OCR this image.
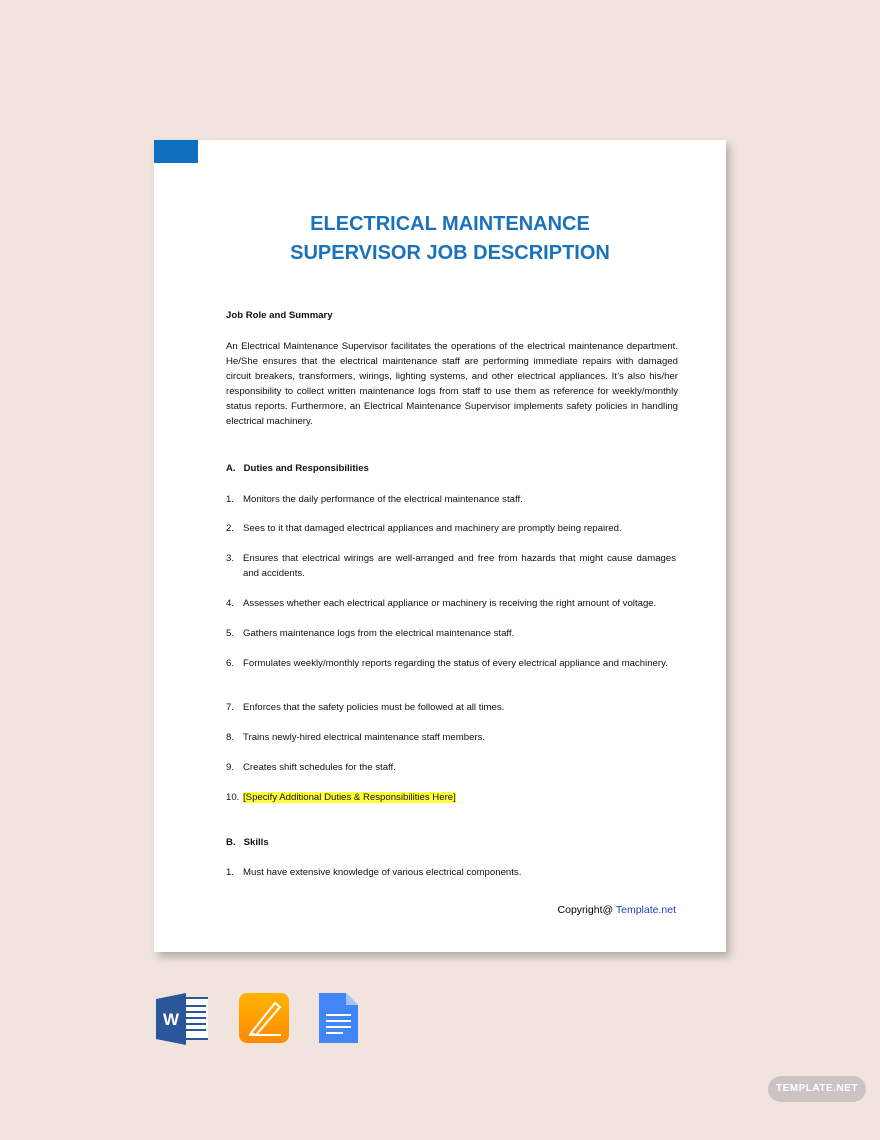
ELECTRICAL MAINTENANCE
SUPERVISOR JOB DESCRIPTION
Job Role and Summary
An Electrical Maintenance Supervisor facilitates the operations of the electrical maintenance department. He/She ensures that the electrical maintenance staff are performing immediate repairs with damaged circuit breakers, transformers, wirings, lighting systems, and other electrical appliances. It’s also his/her responsibility to collect written maintenance logs from staff to use them as reference for weekly/monthly status reports. Furthermore, an Electrical Maintenance Supervisor implements safety policies in handling electrical machinery.
A.   Duties and Responsibilities
1. Monitors the daily performance of the electrical maintenance staff.
2. Sees to it that damaged electrical appliances and machinery are promptly being repaired.
3. Ensures that electrical wirings are well-arranged and free from hazards that might cause damages and accidents.
4. Assesses whether each electrical appliance or machinery is receiving the right amount of voltage.
5. Gathers maintenance logs from the electrical maintenance staff.
6. Formulates weekly/monthly reports regarding the status of every electrical appliance and machinery.
7. Enforces that the safety policies must be followed at all times.
8. Trains newly-hired electrical maintenance staff members.
9. Creates shift schedules for the staff.
10. [Specify Additional Duties & Responsibilities Here]
B.   Skills
1. Must have extensive knowledge of various electrical components.
Copyright@ Template.net
W
TEMPLATE.NET
